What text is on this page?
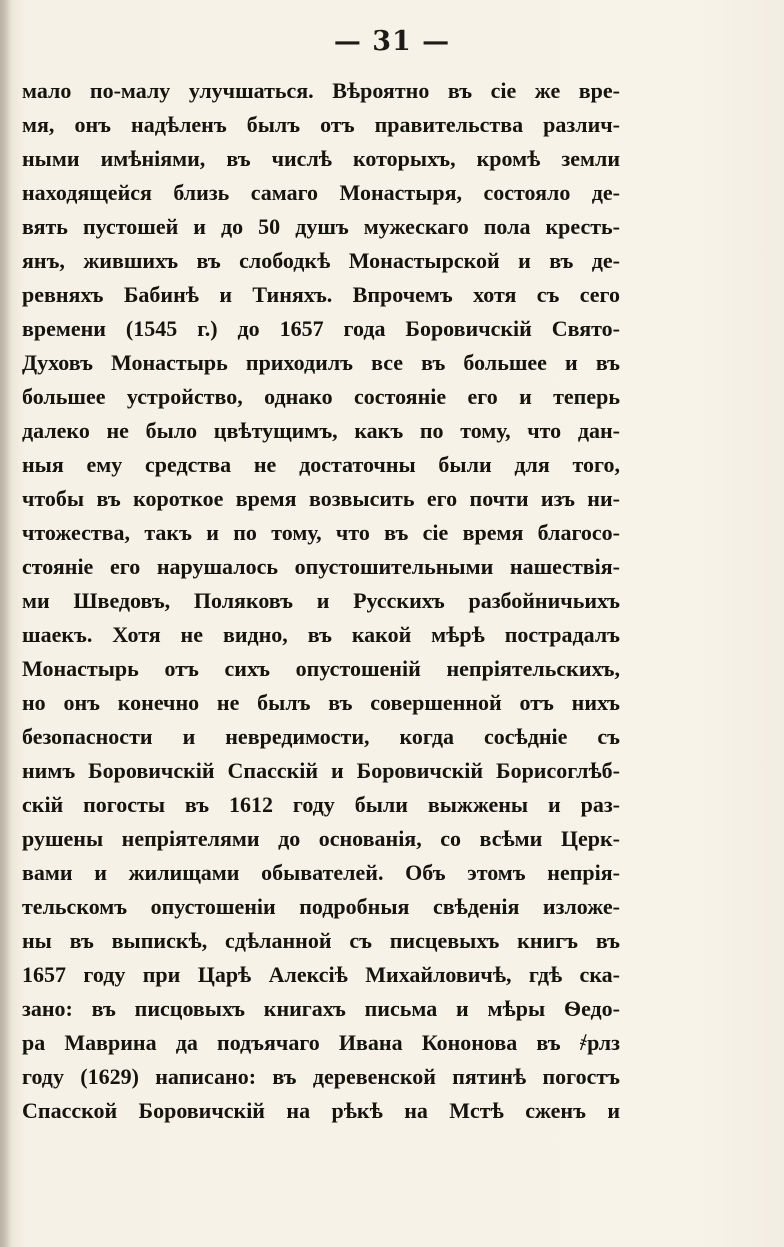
— 31 —
мало по-малу улучшаться. Вѣроятно въ сіе же вре-
мя, онъ надѣленъ былъ отъ правительства различ-
ными имѣніями, въ числѣ которыхъ, кромѣ земли
находящейся близь самаго Монастыря, состояло де-
вять пустошей и до 50 душъ мужескаго пола кресть-
янъ, жившихъ въ слободкѣ Монастырской и въ де-
ревняхъ Бабинѣ и Тиняхъ. Впрочемъ хотя съ сего
времени (1545 г.) до 1657 года Боровичскій Свято-
Духовъ Монастырь приходилъ все въ большее и въ
большее устройство, однако состояніе его и теперь
далеко не было цвѣтущимъ, какъ по тому, что дан-
ныя ему средства не достаточны были для того,
чтобы въ короткое время возвысить его почти изъ ни-
чтожества, такъ и по тому, что въ сіе время благосо-
стояніе его нарушалось опустошительными нашествія-
ми Шведовъ, Поляковъ и Русскихъ разбойничьихъ
шаекъ. Хотя не видно, въ какой мѣрѣ пострадалъ
Монастырь отъ сихъ опустошеній непріятельскихъ,
но онъ конечно не былъ въ совершенной отъ нихъ
безопасности и невредимости, когда сосѣдніе съ
нимъ Боровичскій Спасскій и Боровичскій Борисоглѣб-
скій погосты въ 1612 году были выжжены и раз-
рушены непріятелями до основанія, со всѣми Церк-
вами и жилищами обывателей. Объ этомъ непрія-
тельскомъ опустошеніи подробныя свѣденія изложе-
ны въ выпискѣ, сдѣланной съ писцевыхъ книгъ въ
1657 году при Царѣ Алексіѣ Михайловичѣ, гдѣ ска-
зано: въ писцовыхъ книгахъ письма и мѣры Ѳедо-
ра Маврина да подъячаго Ивана Кононова въ ҂рлз
году (1629) написано: въ деревенской пятинѣ погостъ
Спасской Боровичскій на рѣкѣ на Мстѣ сженъ и
